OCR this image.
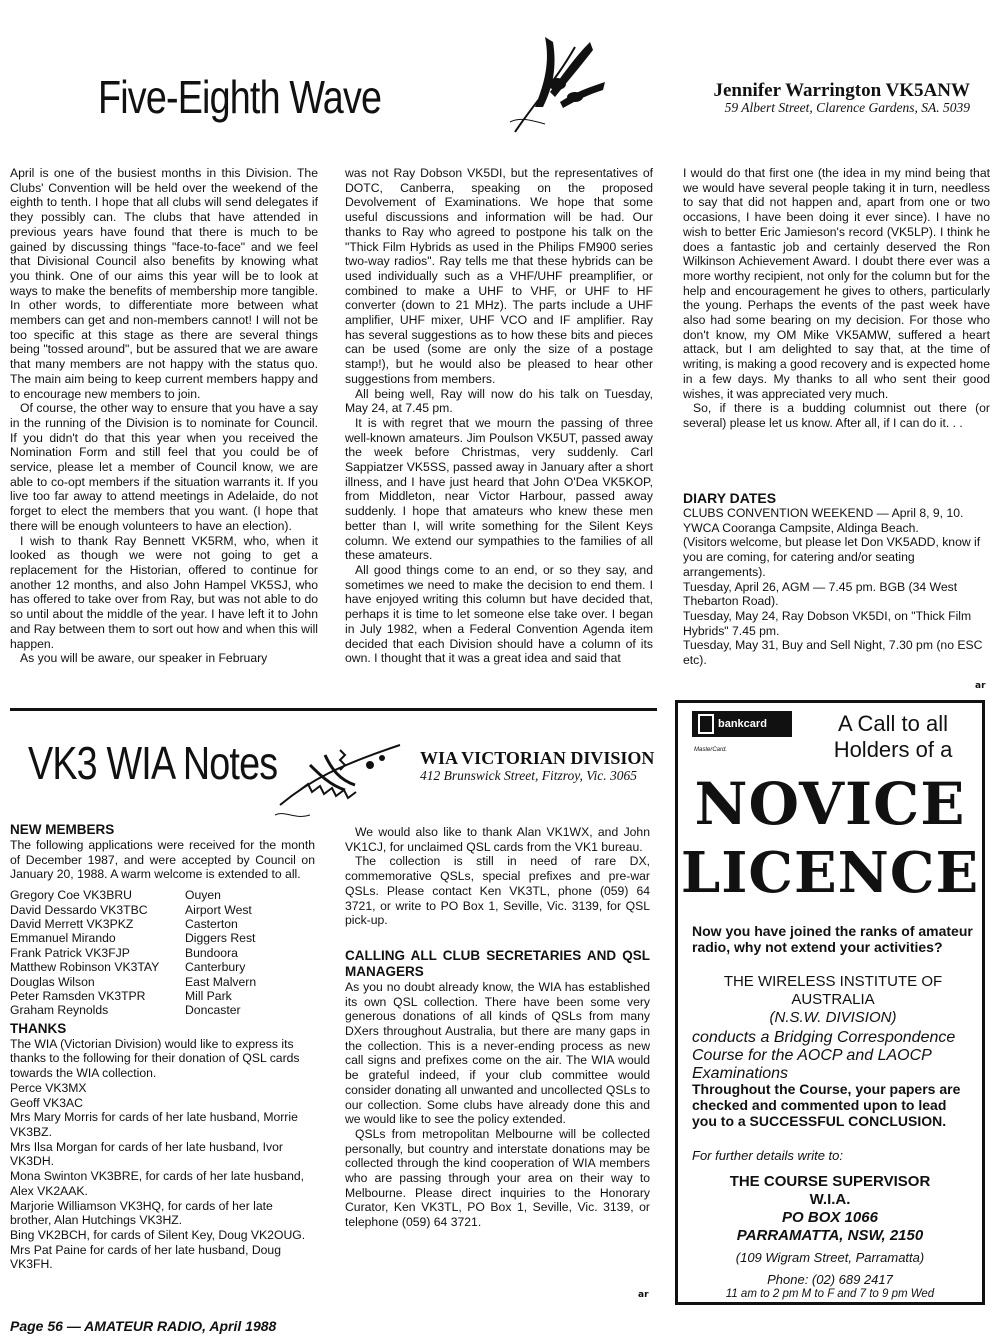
Five-Eighth Wave	Jennifer Warrington VK5ANW
59 Albert Street, Clarence Gardens, SA. 5039

April is one of the busiest months in this Division. The Clubs' Convention will be held over the weekend of the eighth to tenth. I hope that all clubs will send delegates if they possibly can. The clubs that have attended in previous years have found that there is much to be gained by discussing things "face-to-face" and we feel that Divisional Council also benefits by knowing what you think. One of our aims this year will be to look at ways to make the benefits of membership more tangible. In other words, to differentiate more between what members can get and non-members cannot! I will not be too specific at this stage as there are several things being "tossed around", but be assured that we are aware that many members are not happy with the status quo. The main aim being to keep current members happy and to encourage new members to join.

Of course, the other way to ensure that you have a say in the running of the Division is to nominate for Council. If you didn't do that this year when you received the Nomination Form and still feel that you could be of service, please let a member of Council know, we are able to co-opt members if the situation warrants it. If you live too far away to attend meetings in Adelaide, do not forget to elect the members that you want. (I hope that there will be enough volunteers to have an election).

I wish to thank Ray Bennett VK5RM, who, when it looked as though we were not going to get a replacement for the Historian, offered to continue for another 12 months, and also John Hampel VK5SJ, who has offered to take over from Ray, but was not able to do so until about the middle of the year. I have left it to John and Ray between them to sort out how and when this will happen.

As you will be aware, our speaker in February

was not Ray Dobson VK5DI, but the representatives of DOTC, Canberra, speaking on the proposed Devolvement of Examinations. We hope that some useful discussions and information will be had. Our thanks to Ray who agreed to postpone his talk on the "Thick Film Hybrids as used in the Philips FM900 series two-way radios". Ray tells me that these hybrids can be used individually such as a VHF/UHF preamplifier, or combined to make a UHF to VHF, or UHF to HF converter (down to 21 MHz). The parts include a UHF amplifier, UHF mixer, UHF VCO and IF amplifier. Ray has several suggestions as to how these bits and pieces can be used (some are only the size of a postage stamp!), but he would also be pleased to hear other suggestions from members.

All being well, Ray will now do his talk on Tuesday, May 24, at 7.45 pm.

It is with regret that we mourn the passing of three well-known amateurs. Jim Poulson VK5UT, passed away the week before Christmas, very suddenly. Carl Sappiatzer VK5SS, passed away in January after a short illness, and I have just heard that John O'Dea VK5KOP, from Middleton, near Victor Harbour, passed away suddenly. I hope that amateurs who knew these men better than I, will write something for the Silent Keys column. We extend our sympathies to the families of all these amateurs.

All good things come to an end, or so they say, and sometimes we need to make the decision to end them. I have enjoyed writing this column but have decided that, perhaps it is time to let someone else take over. I began in July 1982, when a Federal Convention Agenda item decided that each Division should have a column of its own. I thought that it was a great idea and said that

I would do that first one (the idea in my mind being that we would have several people taking it in turn, needless to say that did not happen and, apart from one or two occasions, I have been doing it ever since). I have no wish to better Eric Jamieson's record (VK5LP). I think he does a fantastic job and certainly deserved the Ron Wilkinson Achievement Award. I doubt there ever was a more worthy recipient, not only for the column but for the help and encouragement he gives to others, particularly the young. Perhaps the events of the past week have also had some bearing on my decision. For those who don't know, my OM Mike VK5AMW, suffered a heart attack, but I am delighted to say that, at the time of writing, is making a good recovery and is expected home in a few days. My thanks to all who sent their good wishes, it was appreciated very much.

So, if there is a budding columnist out there (or several) please let us know. After all, if I can do it. . .

DIARY DATES
CLUBS CONVENTION WEEKEND — April 8, 9, 10.
YWCA Cooranga Campsite, Aldinga Beach.
(Visitors welcome, but please let Don VK5ADD, know if you are coming, for catering and/or seating arrangements).
Tuesday, April 26, AGM — 7.45 pm. BGB (34 West Thebarton Road).
Tuesday, May 24, Ray Dobson VK5DI, on "Thick Film Hybrids" 7.45 pm.
Tuesday, May 31, Buy and Sell Night, 7.30 pm (no ESC etc).
ar
VK3 WIA Notes	WIA VICTORIAN DIVISION
412 Brunswick Street, Fitzroy, Vic. 3065
NEW MEMBERS
The following applications were received for the month of December 1987, and were accepted by Council on January 20, 1988. A warm welcome is extended to all.
Gregory Coe VK3BRU	Ouyen
David Dessardo VK3TBC	Airport West
David Merrett VK3PKZ	Casterton
Emmanuel Mirando	Diggers Rest
Frank Patrick VK3FJP	Bundoora
Matthew Robinson VK3TAY	Canterbury
Douglas Wilson	East Malvern
Peter Ramsden VK3TPR	Mill Park
Graham Reynolds	Doncaster
THANKS
The WIA (Victorian Division) would like to express its thanks to the following for their donation of QSL cards towards the WIA collection.
Perce VK3MX
Geoff VK3AC
Mrs Mary Morris for cards of her late husband, Morrie VK3BZ.
Mrs Ilsa Morgan for cards of her late husband, Ivor VK3DH.
Mona Swinton VK3BRE, for cards of her late husband, Alex VK2AAK.
Marjorie Williamson VK3HQ, for cards of her late brother, Alan Hutchings VK3HZ.
Bing VK2BCH, for cards of Silent Key, Doug VK2OUG.
Mrs Pat Paine for cards of her late husband, Doug VK3FH.

We would also like to thank Alan VK1WX, and John VK1CJ, for unclaimed QSL cards from the VK1 bureau.

The collection is still in need of rare DX, commemorative QSLs, special prefixes and pre-war QSLs. Please contact Ken VK3TL, phone (059) 64 3721, or write to PO Box 1, Seville, Vic. 3139, for QSL pick-up.

CALLING ALL CLUB SECRETARIES AND QSL MANAGERS

As you no doubt already know, the WIA has established its own QSL collection. There have been some very generous donations of all kinds of QSLs from many DXers throughout Australia, but there are many gaps in the collection. This is a never-ending process as new call signs and prefixes come on the air. The WIA would be grateful indeed, if your club committee would consider donating all unwanted and uncollected QSLs to our collection. Some clubs have already done this and we would like to see the policy extended.

QSLs from metropolitan Melbourne will be collected personally, but country and interstate donations may be collected through the kind cooperation of WIA members who are passing through your area on their way to Melbourne. Please direct inquiries to the Honorary Curator, Ken VK3TL, PO Box 1, Seville, Vic. 3139, or telephone (059) 64 3721.

ar
bankcard
MasterCard.
A Call to all Holders of a
NOVICE
LICENCE
Now you have joined the ranks of amateur radio, why not extend your activities?
THE WIRELESS INSTITUTE OF AUSTRALIA
(N.S.W. DIVISION)
conducts a Bridging Correspondence Course for the AOCP and LAOCP Examinations
Throughout the Course, your papers are checked and commented upon to lead you to a SUCCESSFUL CONCLUSION.
For further details write to:
THE COURSE SUPERVISOR
W.I.A.
PO BOX 1066
PARRAMATTA, NSW, 2150
(109 Wigram Street, Parramatta)
Phone: (02) 689 2417
11 am to 2 pm M to F and 7 to 9 pm Wed
Page 56 — AMATEUR RADIO, April 1988
